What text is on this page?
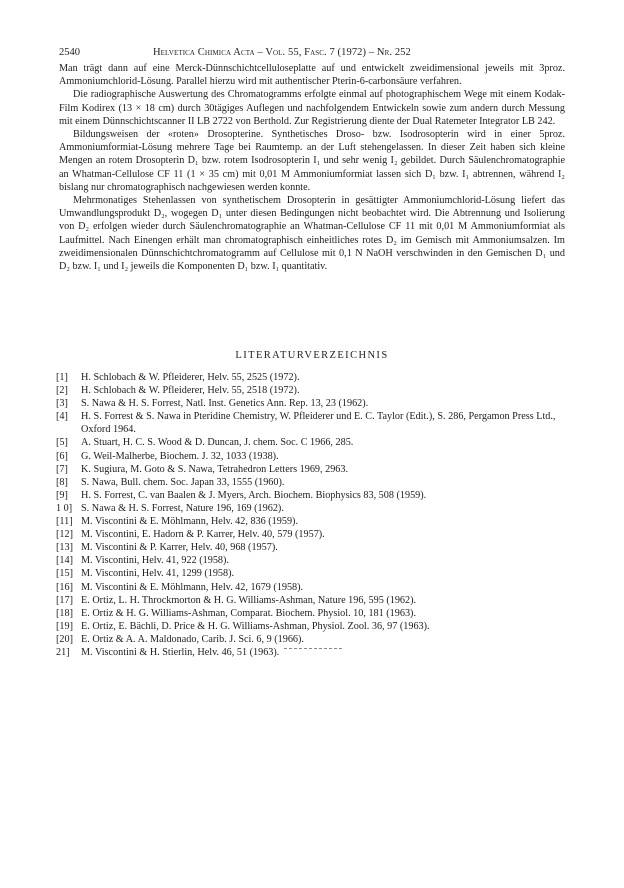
2540	Helvetica Chimica Acta – Vol. 55, Fasc. 7 (1972) – Nr. 252

Man trägt dann auf eine Merck-Dünnschichtcelluloseplatte auf und entwickelt zweidimensional jeweils mit 3proz. Ammoniumchlorid-Lösung. Parallel hierzu wird mit authentischer Pterin-6-carbonsäure verfahren.

Die radiographische Auswertung des Chromatogramms erfolgte einmal auf photographischem Wege mit einem Kodak-Film Kodirex (13 × 18 cm) durch 30tägiges Auflegen und nachfolgendem Entwickeln sowie zum andern durch Messung mit einem Dünnschichtscanner II LB 2722 von Berthold. Zur Registrierung diente der Dual Ratemeter Integrator LB 242.

Bildungsweisen der «roten» Drosopterine. Synthetisches Droso- bzw. Isodrosopterin wird in einer 5proz. Ammoniumformiat-Lösung mehrere Tage bei Raumtemp. an der Luft stehengelassen. In dieser Zeit haben sich kleine Mengen an rotem Drosopterin D₁ bzw. rotem Isodrosopterin I₁ und sehr wenig I₂ gebildet. Durch Säulenchromatographie an Whatman-Cellulose CF 11 (1 × 35 cm) mit 0,01 M Ammoniumformiat lassen sich D₁ bzw. I₁ abtrennen, während I₂ bislang nur chromatographisch nachgewiesen werden konnte.

Mehrmonatiges Stehenlassen von synthetischem Drosopterin in gesättigter Ammoniumchlorid-Lösung liefert das Umwandlungsprodukt D₂, wogegen D₁ unter diesen Bedingungen nicht beobachtet wird. Die Abtrennung und Isolierung von D₂ erfolgen wieder durch Säulenchromatographie an Whatman-Cellulose CF 11 mit 0,01 M Ammoniumformiat als Laufmittel. Nach Einengen erhält man chromatographisch einheitliches rotes D₂ im Gemisch mit Ammoniumsalzen. Im zweidimensionalen Dünnschichtchromatogramm auf Cellulose mit 0,1 N NaOH verschwinden in den Gemischen D₁ und D₂ bzw. I₁ und I₂ jeweils die Komponenten D₁ bzw. I₁ quantitativ.

LITERATURVERZEICHNIS
[1]	H. Schlobach & W. Pfleiderer, Helv. 55, 2525 (1972).
[2]	H. Schlobach & W. Pfleiderer, Helv. 55, 2518 (1972).
[3]	S. Nawa & H. S. Forrest, Natl. Inst. Genetics Ann. Rep. 13, 23 (1962).
[4]	H. S. Forrest & S. Nawa in Pteridine Chemistry, W. Pfleiderer und E. C. Taylor (Edit.), S. 286, Pergamon Press Ltd., Oxford 1964.
[5]	A. Stuart, H. C. S. Wood & D. Duncan, J. chem. Soc. C 1966, 285.
[6]	G. Weil-Malherbe, Biochem. J. 32, 1033 (1938).
[7]	K. Sugiura, M. Goto & S. Nawa, Tetrahedron Letters 1969, 2963.
[8]	S. Nawa, Bull. chem. Soc. Japan 33, 1555 (1960).
[9]	H. S. Forrest, C. van Baalen & J. Myers, Arch. Biochem. Biophysics 83, 508 (1959).
1 0] S. Nawa & H. S. Forrest, Nature 196, 169 (1962).
[11] M. Viscontini & E. Möhlmann, Helv. 42, 836 (1959).
[12] M. Viscontini, E. Hadorn & P. Karrer, Helv. 40, 579 (1957).
[13] M. Viscontini & P. Karrer, Helv. 40, 968 (1957).
[14] M. Viscontini, Helv. 41, 922 (1958).
[15] M. Viscontini, Helv. 41, 1299 (1958).
[16] M. Viscontini & E. Möhlmann, Helv. 42, 1679 (1958).
[17] E. Ortiz, L. H. Throckmorton & H. G. Williams-Ashman, Nature 196, 595 (1962).
[18] E. Ortiz & H. G. Williams-Ashman, Comparat. Biochem. Physiol. 10, 181 (1963).
[19] E. Ortiz, E. Bächli, D. Price & H. G. Williams-Ashman, Physiol. Zool. 36, 97 (1963).
[20] E. Ortiz & A. A. Maldonado, Carib. J. Sci. 6, 9 (1966).
21]	M. Viscontini & H. Stierlin, Helv. 46, 51 (1963).
